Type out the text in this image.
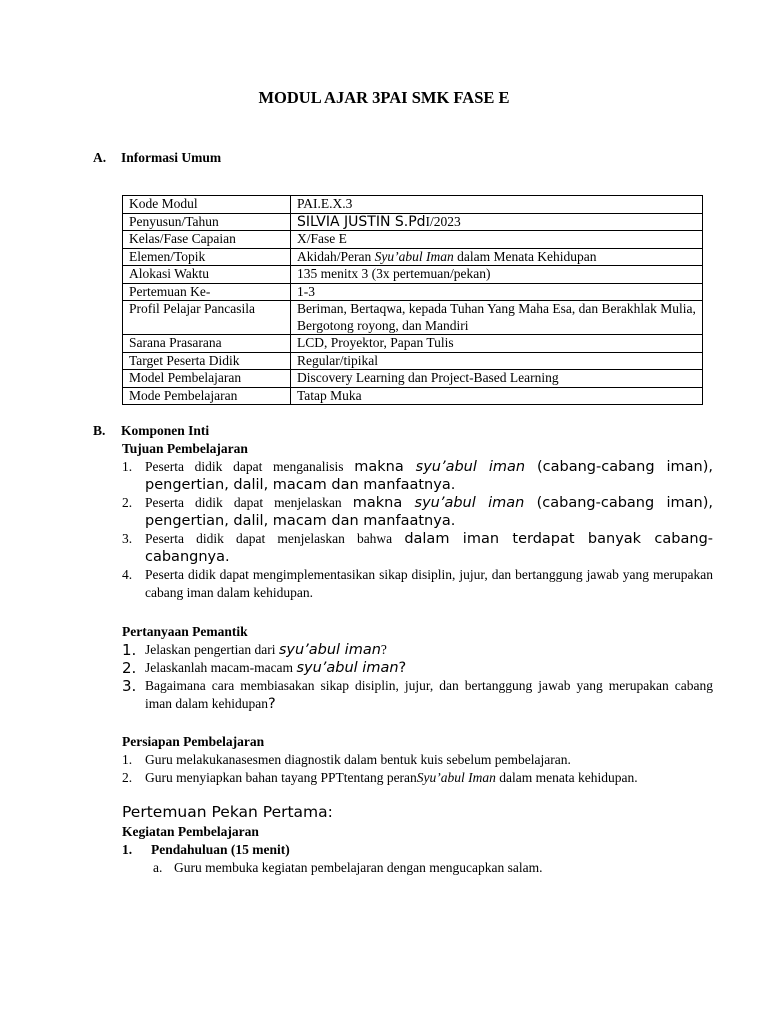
MODUL AJAR 3PAI SMK FASE E
A. Informasi Umum
Kode Modul	PAI.E.X.3
Penyusun/Tahun	SILVIA JUSTIN S.PdI/2023
Kelas/Fase Capaian	X/Fase E
Elemen/Topik	Akidah/Peran Syu’abul Iman dalam Menata Kehidupan
Alokasi Waktu	135 menitx 3 (3x pertemuan/pekan)
Pertemuan Ke-	1-3
Profil Pelajar Pancasila	Beriman, Bertaqwa, kepada Tuhan Yang Maha Esa, dan Berakhlak Mulia, Bergotong royong, dan Mandiri
Sarana Prasarana	LCD, Proyektor, Papan Tulis
Target Peserta Didik	Regular/tipikal
Model Pembelajaran	Discovery Learning dan Project-Based Learning
Mode Pembelajaran	Tatap Muka
B. Komponen Inti
Tujuan Pembelajaran
1. Peserta didik dapat menganalisis makna syu’abul iman (cabang-cabang iman), pengertian, dalil, macam dan manfaatnya.
2. Peserta didik dapat menjelaskan makna syu’abul iman (cabang-cabang iman), pengertian, dalil, macam dan manfaatnya.
3. Peserta didik dapat menjelaskan bahwa dalam iman terdapat banyak cabang-cabangnya.
4. Peserta didik dapat mengimplementasikan sikap disiplin, jujur, dan bertanggung jawab yang merupakan cabang iman dalam kehidupan.
Pertanyaan Pemantik
1. Jelaskan pengertian dari syu’abul iman?
2. Jelaskanlah macam-macam syu’abul iman?
3. Bagaimana cara membiasakan sikap disiplin, jujur, dan bertanggung jawab yang merupakan cabang iman dalam kehidupan?
Persiapan Pembelajaran
1. Guru melakukanasesmen diagnostik dalam bentuk kuis sebelum pembelajaran.
2. Guru menyiapkan bahan tayang PPTtentang peranSyu’abul Iman dalam menata kehidupan.
Pertemuan Pekan Pertama:
Kegiatan Pembelajaran
1. Pendahuluan (15 menit)
a. Guru membuka kegiatan pembelajaran dengan mengucapkan salam.
